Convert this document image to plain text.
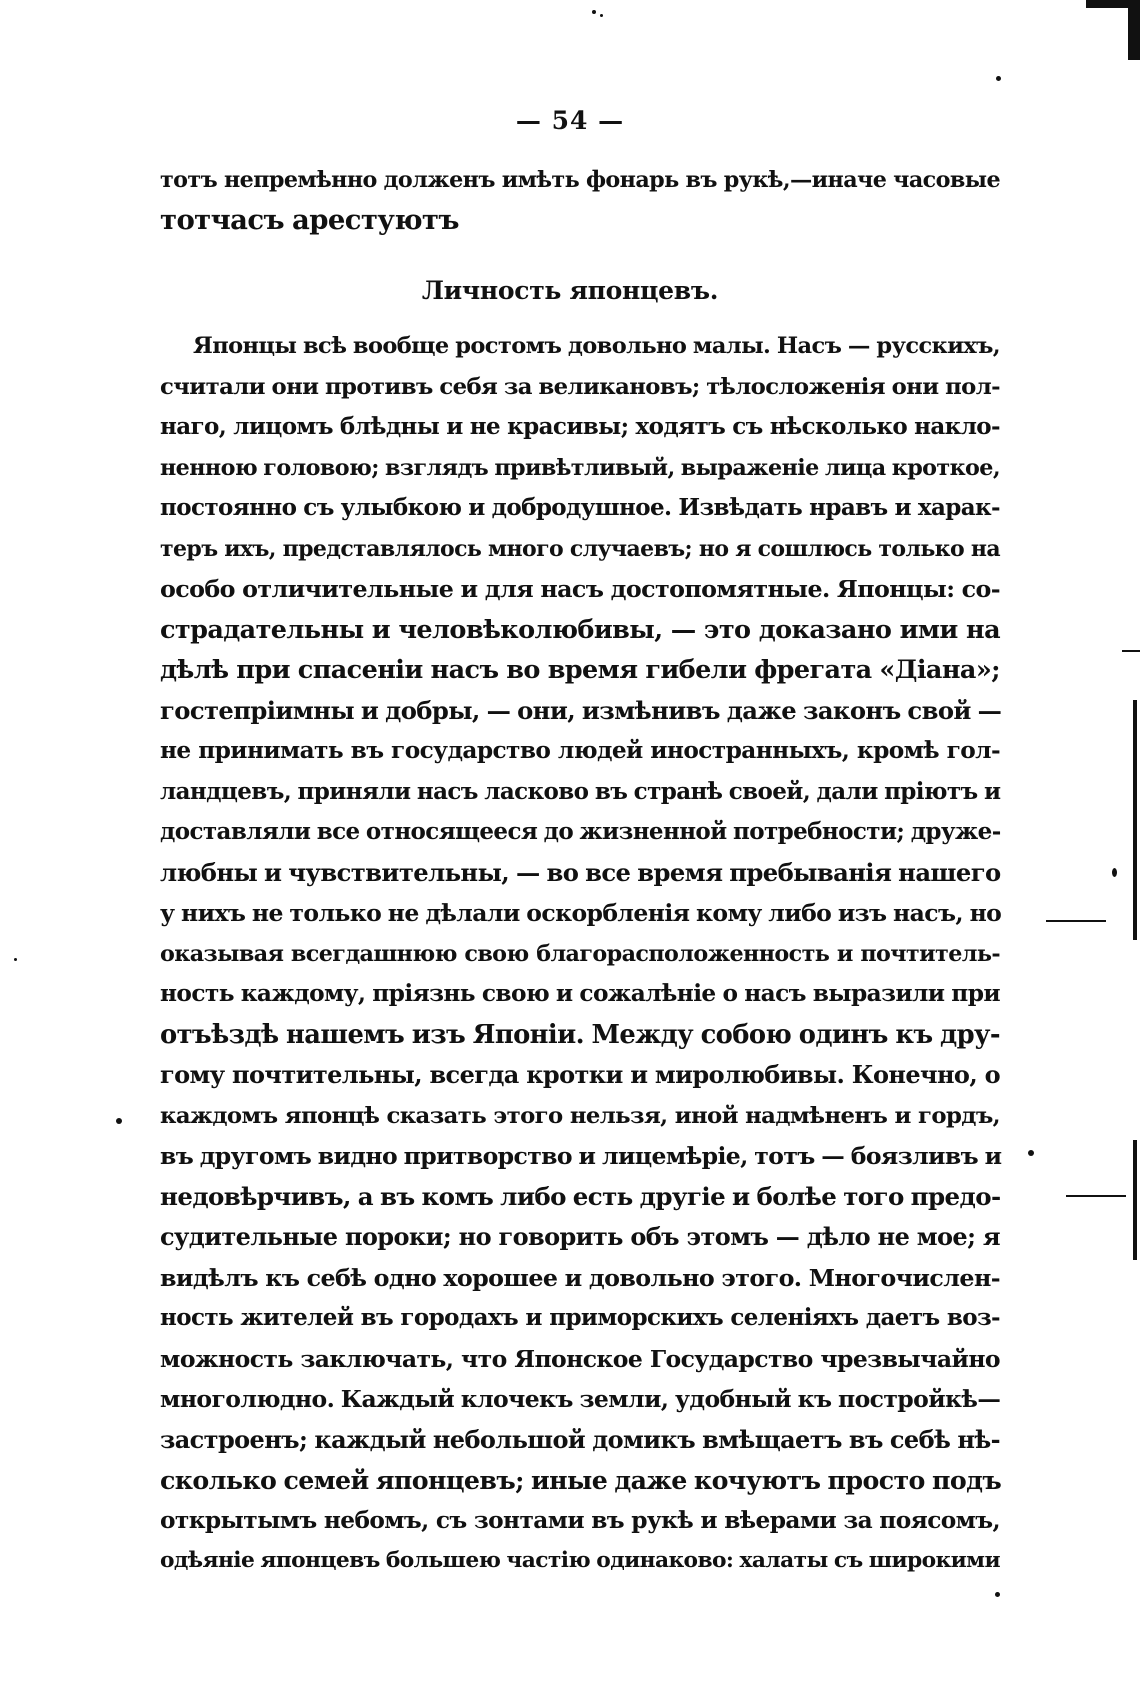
— 54 —
тотъ непремѣнно долженъ имѣть фонарь въ рукѣ,—иначе часовые
тотчасъ арестуютъ
Личность японцевъ.
Японцы всѣ вообще ростомъ довольно малы. Насъ — русскихъ,
считали они противъ себя за великановъ; тѣлосложенія они пол-
наго, лицомъ блѣдны и не красивы; ходятъ съ нѣсколько накло-
ненною головою; взглядъ привѣтливый, выраженіе лица кроткое,
постоянно съ улыбкою и добродушное. Извѣдать нравъ и харак-
теръ ихъ, представлялось много случаевъ; но я сошлюсь только на
особо отличительные и для насъ достопомятные. Японцы: со-
страдательны и человѣколюбивы, — это доказано ими на
дѣлѣ при спасеніи насъ во время гибели фрегата «Діана»;
гостепріимны и добры, — они, измѣнивъ даже законъ свой —
не принимать въ государство людей иностранныхъ, кромѣ гол-
ландцевъ, приняли насъ ласково въ странѣ своей, дали пріютъ и
доставляли все относящееся до жизненной потребности; друже-
любны и чувствительны, — во все время пребыванія нашего
у нихъ не только не дѣлали оскорбленія кому либо изъ насъ, но
оказывая всегдашнюю свою благорасположенность и почтитель-
ность каждому, пріязнь свою и сожалѣніе о насъ выразили при
отъѣздѣ нашемъ изъ Японіи. Между собою одинъ къ дру-
гому почтительны, всегда кротки и миролюбивы. Конечно, о
каждомъ японцѣ сказать этого нельзя, иной надмѣненъ и гордъ,
въ другомъ видно притворство и лицемѣріе, тотъ — боязливъ и
недовѣрчивъ, а въ комъ либо есть другіе и болѣе того предо-
судительные пороки; но говорить объ этомъ — дѣло не мое; я
видѣлъ къ себѣ одно хорошее и довольно этого. Многочислен-
ность жителей въ городахъ и приморскихъ селеніяхъ даетъ воз-
можность заключать, что Японское Государство чрезвычайно
многолюдно. Каждый клочекъ земли, удобный къ постройкѣ—
застроенъ; каждый небольшой домикъ вмѣщаетъ въ себѣ нѣ-
сколько семей японцевъ; иные даже кочуютъ просто подъ
открытымъ небомъ, съ зонтами въ рукѣ и вѣерами за поясомъ,
одѣяніе японцевъ большею частію одинаково: халаты съ широкими
